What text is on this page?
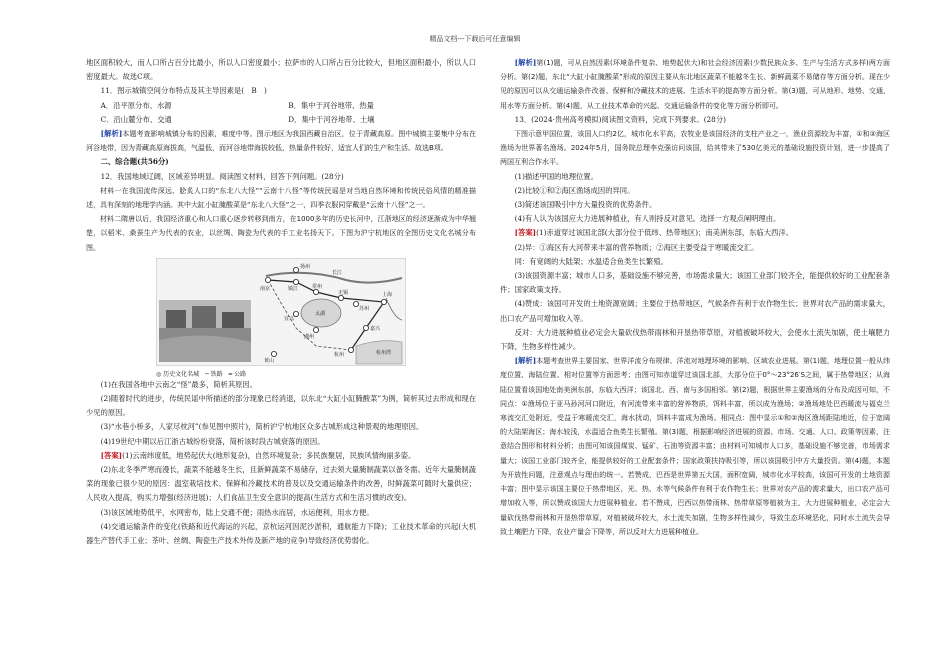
精品文档---下载后可任意编辑

地区面积较大，而人口所占百分比最小，所以人口密度最小；拉萨市的人口所占百分比较大，但地区面积最小，所以人口密度最大。故选C项。

11．图示城镇空间分布特点及其主导因素是(　B　)

A．沿平原分布、水源	B．集中于河谷地带、热量
C．沿山麓分布、交通	D．集中于河谷地带、土壤

[解析]本题考查影响城镇分布的因素，难度中等。图示地区为我国西藏自治区，位于青藏高原。图中城镇主要集中分布在河谷地带，因为青藏高原海拔高，气温低，而河谷地带海拔较低，热量条件较好，适宜人们的生产和生活。故选B项。

二、综合题(共56分)

12．我国地域辽阔，区域差异明显。阅读图文材料，回答下列问题。(28分)

材料一在我国流传深远、脍炙人口的“东北八大怪”“云南十八怪”等传统民谣是对当地自然环境和传统民俗风情的精准描述，具有深刻的地理学内涵。其中大缸小缸腌酸菜是“东北八大怪”之一，四季衣服同穿戴是“云南十八怪”之一。

材料二隋唐以后，我国经济重心和人口重心逐步转移到南方，在1000多年的历史长河中，江浙地区的经济逐渐成为中华翘楚，以稻米、桑蚕生产为代表的农业，以丝绸、陶瓷为代表的手工业名扬天下。下图为沪宁杭地区的全图历史文化名城分布图。

南京
扬州
镇江	常州
无锡
苏州
上海
杭州
嘉兴
湖州
宜兴
黄山
太湖
长江
杭州湾
◎ 历史文化名城　─ 铁路　━ 公路

(1)在我国各地中云南之“怪”最多，简析其原因。

(2)随着时代的进步，传统民谣中所描述的部分现象已经消退，以东北“大缸小缸腌酸菜”为例，简析其过去形成和现在少见的原因。

(3)“水巷小桥多，人家尽枕河”(参见图中照片)，简析沪宁杭地区众多古城形成这种景观的地理原因。

(4)19世纪中期以后江浙古城纷纷衰落，简析该时段古城衰落的原因。

[答案](1)云南纬度低，地势起伏大(地形复杂)，自然环境复杂；多民族聚居，民族风情绚丽多姿。

(2)东北冬季严寒而漫长，蔬菜不能越冬生长，且新鲜蔬菜不易储存，过去须大量腌制蔬菜以备冬需。近年大量腌制蔬菜的现象已很少见的原因：温室栽培技术、保鲜和冷藏技术的普及以及交通运输条件的改善，时鲜蔬菜可随时大量供应；人民收入提高，购买力增强(经济进展)；人们食品卫生安全意识的提高(生活方式和生活习惯的改变)。

(3)该区域地势低平，水网密布，陆上交通不便；雨热水而居，水运便利，用水方便。

(4)交通运输条件的变化(铁路和近代海运的兴起，京杭运河因泥沙淤积，通航能力下降)；工业技术革命的兴起(大机器生产替代手工业；茶叶、丝绸、陶瓷生产技术外传及新产地的竞争)导致经济优势弱化。

[解析]第(1)题，可从自然因素(环境条件复杂、地势起伏大)和社会经济因素(少数民族众多、生产与生活方式多样)两方面分析。第(2)题，东北“大缸小缸腌酸菜”形成的原因主要从东北地区蔬菜不能越冬生长、新鲜蔬菜不易储存等方面分析。现在少见的原因可以从交通运输条件改善、保鲜和冷藏技术的进展、生活水平的提高等方面分析。第(3)题，可从地形、地势、交通、用水等方面分析。第(4)题，从工业技术革命的兴起、交通运输条件的变化等方面分析即可。

13．(2024·贵州高考模拟)阅读图文资料，完成下列要求。(28分)

下图示意甲国位置，该国人口约2亿，城市化水平高，农牧业是该国经济的支柱产业之一，渔业资源较为丰富，①和②海区渔场为世界著名渔场。2024年5月，国务院总理李克强访问该国，给其带来了530亿美元的基础设施投资计划，进一步提高了两国互利合作水平。

(1)描述甲国的地理位置。

(2)比较①和②海区渔场成因的异同。

(3)简述该国吸引中方大量投资的优势条件。

(4)有人认为该国应大力进展种植业，有人则持反对意见。选择一方观点阐明理由。

[答案](1)赤道穿过该国北部(大部分位于低纬、热带地区)；南美洲东部，东临大西洋。

(2)异：①海区有大河带来丰富的营养物质；②海区主要受益于寒暖流交汇。

同：有宽阔的大陆架；水温适合鱼类生长繁殖。

(3)该国资源丰富；城市人口多，基础设施不够完善，市场需求量大；该国工业部门较齐全，能提供较好的工业配套条件；国家政策支持。

(4)赞成：该国可开发的土地资源宽阔；主要位于热带地区，气候条件有利于农作物生长；世界对农产品的需求量大，出口农产品可增加收入等。

反对：大力进展种植业必定会大量砍伐热带雨林和开垦热带草原，对植被破坏较大，会使水土流失加剧，使土壤肥力下降，生物多样性减少。

[解析]本题考查世界主要国家、世界洋流分布规律、洋流对地理环境的影响、区域农业进展。第(1)题，地理位置一般从纬度位置、海陆位置、相对位置等方面思考；由图可知赤道穿过该国北部，大部分位于0°～23°26′S之间，属于热带地区；从海陆位置看该国地处南美洲东部，东临大西洋；该国北、西、南与多国相邻。第(2)题，根据世界主要渔场的分布及成因可知，不同点：①渔场位于亚马孙河河口附近，有河流带来丰富的营养物质，饵料丰富，所以成为渔场；②渔场地处巴西暖流与福克兰寒流交汇处附近，受益于寒暖流交汇，海水扰动，饵料丰富成为渔场。相同点：图中显示①和②海区渔场距陆地近，位于宽阔的大陆架海区；海水较浅，水温适合鱼类生长繁殖。第(3)题，根据影响经济进展的资源、市场、交通、人口、政策等因素，注意结合图形和材料分析；由图可知该国煤炭、锰矿、石油等资源丰富；由材料可知城市人口多，基础设施不够完善，市场需求量大；该国工业部门较齐全，能提供较好的工业配套条件；国家政策扶持吸引等，所以该国吸引中方大量投资。第(4)题，本题为开放性问题，注意观点与理由的统一。若赞成，巴西是世界第五大国，面积宽阔，城市化水平较高，该国可开发的土地资源丰富；图中显示该国主要位于热带地区，光、热、水等气候条件有利于农作物生长；世界对农产品的需求量大，出口农产品可增加收入等，所以赞成该国大力进展种植业。若不赞成，巴西以热带雨林、热带草原等植被为主，大力进展种植业，必定会大量砍伐热带雨林和开垦热带草原，对植被破坏较大，水土流失加剧，生物多样性减少，导致生态环境恶化，同时水土流失会导致土壤肥力下降，农业产量会下降等，所以反对大力进展种植业。
